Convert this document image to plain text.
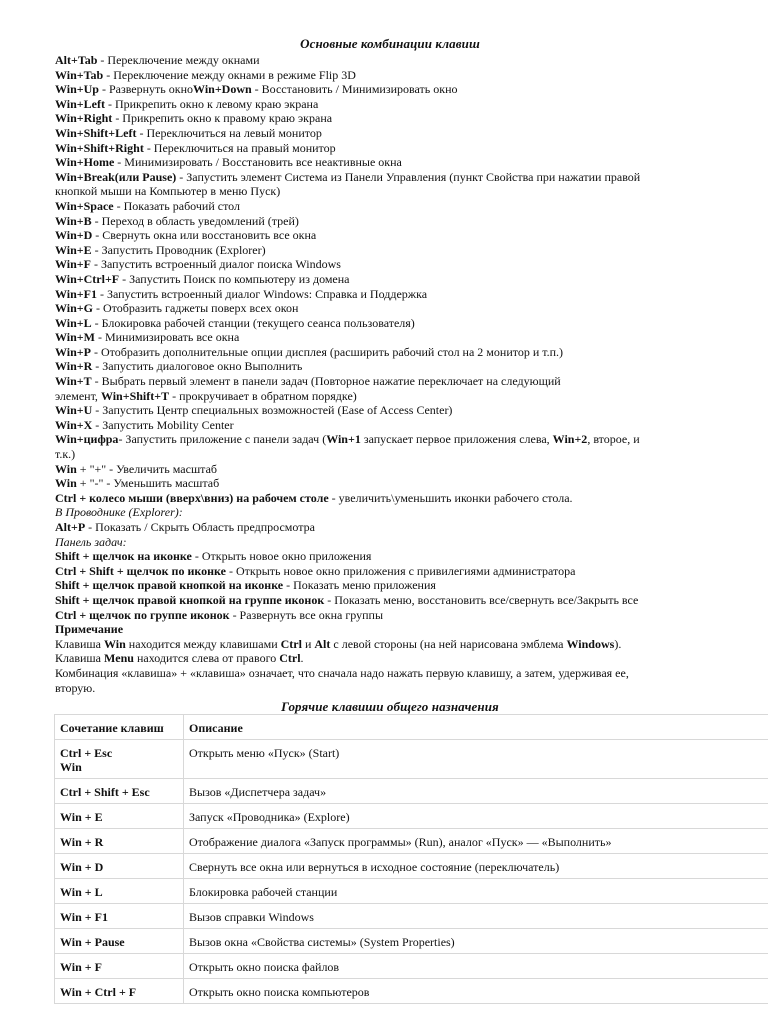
Основные комбинации клавиш

Alt+Tab - Переключение между окнами

Win+Tab - Переключение между окнами в режиме Flip 3D

Win+Up - Развернуть окноWin+Down - Восстановить / Минимизировать окно

Win+Left - Прикрепить окно к левому краю экрана

Win+Right - Прикрепить окно к правому краю экрана

Win+Shift+Left - Переключиться на левый монитор

Win+Shift+Right - Переключиться на правый монитор

Win+Home - Минимизировать / Восстановить все неактивные окна

Win+Break(или Pause) - Запустить элемент Система из Панели Управления (пункт Свойства при нажатии правой

кнопкой мыши на Компьютер в меню Пуск)

Win+Space - Показать рабочий стол

Win+B - Переход в область уведомлений (трей)

Win+D - Свернуть окна или восстановить все окна

Win+E - Запустить Проводник (Explorer)

Win+F - Запустить встроенный диалог поиска Windows

Win+Ctrl+F - Запустить Поиск по компьютеру из домена

Win+F1 - Запустить встроенный диалог Windows: Справка и Поддержка

Win+G - Отобразить гаджеты поверх всех окон

Win+L - Блокировка рабочей станции (текущего сеанса пользователя)

Win+M - Минимизировать все окна

Win+P - Отобразить дополнительные опции дисплея (расширить рабочий стол на 2 монитор и т.п.)

Win+R - Запустить диалоговое окно Выполнить

Win+T - Выбрать первый элемент в панели задач (Повторное нажатие переключает на следующий

элемент, Win+Shift+T - прокручивает в обратном порядке)

Win+U - Запустить Центр специальных возможностей (Ease of Access Center)

Win+X - Запустить Mobility Center

Win+цифра- Запустить приложение с панели задач (Win+1 запускает первое приложения слева, Win+2, второе, и

т.к.)

Win + "+" - Увеличить масштаб

Win + "-" - Уменьшить масштаб

Ctrl + колесо мыши (вверх\вниз) на рабочем столе - увеличить\уменьшить иконки рабочего стола.

В Проводнике (Explorer):

Alt+P - Показать / Скрыть Область предпросмотра

Панель задач:

Shift + щелчок на иконке - Открыть новое окно приложения

Ctrl + Shift + щелчок по иконке - Открыть новое окно приложения с привилегиями администратора

Shift + щелчок правой кнопкой на иконке - Показать меню приложения

Shift + щелчок правой кнопкой на группе иконок - Показать меню, восстановить все/свернуть все/Закрыть все

Ctrl + щелчок по группе иконок - Развернуть все окна группы

Примечание

Клавиша Win находится между клавишами Ctrl и Alt с левой стороны (на ней нарисована эмблема Windows).

Клавиша Menu находится слева от правого Ctrl.

Комбинация «клавиша» + «клавиша» означает, что сначала надо нажать первую клавишу, а затем, удерживая ее,

вторую.

Горячие клавиши общего назначения
Сочетание клавиш	Описание

Ctrl + Esc
Win	Открыть меню «Пуск» (Start)

Ctrl + Shift + Esc	Вызов «Диспетчера задач»

Win + E	Запуск «Проводника» (Explore)

Win + R	Отображение диалога «Запуск программы» (Run), аналог «Пуск» — «Выполнить»

Win + D	Свернуть все окна или вернуться в исходное состояние (переключатель)

Win + L	Блокировка рабочей станции

Win + F1	Вызов справки Windows

Win + Pause	Вызов окна «Свойства системы» (System Properties)

Win + F	Открыть окно поиска файлов

Win + Ctrl + F	Открыть окно поиска компьютеров
